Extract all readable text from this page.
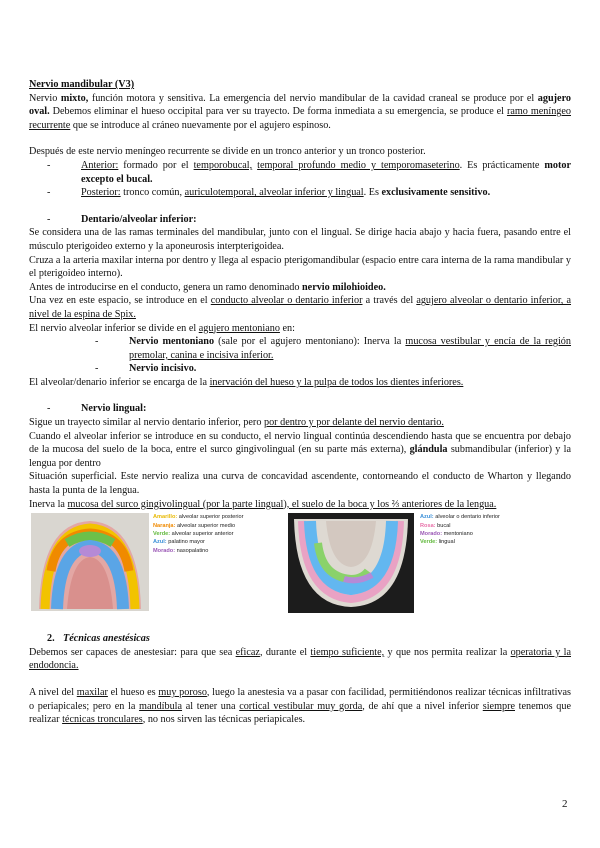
Nervio mandibular (V3)

Nervio mixto, función motora y sensitiva. La emergencia del nervio mandibular de la cavidad craneal se produce por el agujero oval. Debemos eliminar el hueso occipital para ver su trayecto. De forma inmediata a su emergencia, se produce el ramo meníngeo recurrente que se introduce al cráneo nuevamente por el agujero espinoso.

Después de este nervio meníngeo recurrente se divide en un tronco anterior y un tronco posterior.

-	Anterior: formado por el temporobucal, temporal profundo medio y temporomaseterino. Es prácticamente motor excepto el bucal.
-	Posterior: tronco común, auriculotemporal, alveolar inferior y lingual. Es exclusivamente sensitivo.
-	Dentario/alveolar inferior:

Se considera una de las ramas terminales del mandibular, junto con el lingual. Se dirige hacia abajo y hacia fuera, pasando entre el músculo pterigoideo externo y la aponeurosis interpterigoidea.

Cruza a la arteria maxilar interna por dentro y llega al espacio pterigomandibular (espacio entre cara interna de la rama mandibular y el pterigoideo interno).

Antes de introducirse en el conducto, genera un ramo denominado nervio milohioideo.

Una vez en este espacio, se introduce en el conducto alveolar o dentario inferior a través del agujero alveolar o dentario inferior, a nivel de la espina de Spix.

El nervio alveolar inferior se divide en el agujero mentoniano en:

-	Nervio mentoniano (sale por el agujero mentoniano): Inerva la mucosa vestibular y encía de la región premolar, canina e incisiva inferior.
-	Nervio incisivo.

El alveolar/denario inferior se encarga de la inervación del hueso y la pulpa de todos los dientes inferiores.

-	Nervio lingual:

Sigue un trayecto similar al nervio dentario inferior, pero por dentro y por delante del nervio dentario.

Cuando el alveolar inferior se introduce en su conducto, el nervio lingual continúa descendiendo hasta que se encuentra por debajo de la mucosa del suelo de la boca, entre el surco gingivolingual (en su parte más externa), glándula submandibular (inferior) y la lengua por dentro

Situación superficial. Este nervio realiza una curva de concavidad ascendente, contorneando el conducto de Wharton y llegando hasta la punta de la lengua.

Inerva la mucosa del surco gingivolingual (por la parte lingual), el suelo de la boca y los ⅔ anteriores de la lengua.

Amarillo: alveolar superior posterior
Naranja: alveolar superior medio
Verde: alveolar superior anterior
Azul: palatino mayor
Morado: nasopalatino
Azul: alveolar o dentario inferior
Rosa: bucal
Morado: mentoniano
Verde: lingual

2. Técnicas anestésicas

Debemos ser capaces de anestesiar: para que sea eficaz, durante el tiempo suficiente, y que nos permita realizar la operatoria y la endodoncia.

A nivel del maxilar el hueso es muy poroso, luego la anestesia va a pasar con facilidad, permitiéndonos realizar técnicas infiltrativas o periapicales; pero en la mandíbula al tener una cortical vestibular muy gorda, de ahí que a nivel inferior siempre tenemos que realizar técnicas tronculares, no nos sirven las técnicas periapicales.

2
